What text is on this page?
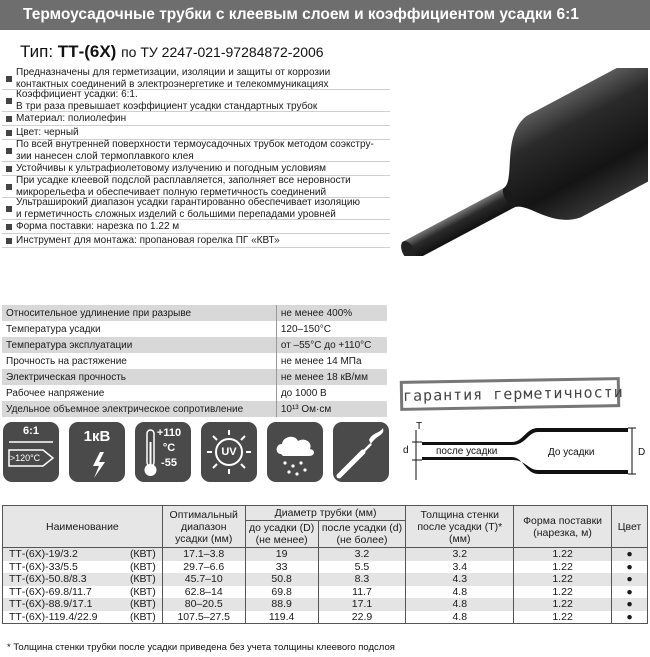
Термоусадочные трубки с клеевым слоем и коэффициентом усадки 6:1
Тип: ТТ-(6Х) по ТУ 2247-021-97284872-2006
Предназначены для герметизации, изоляции и защиты от коррозии
контактных соединений в электроэнергетике и телекоммуникациях
Коэффициент усадки: 6:1.
В три раза превышает коэффициент усадки стандартных трубок
Материал: полиолефин
Цвет: черный
По всей внутренней поверхности термоусадочных трубок методом соэкстру-
зии нанесен слой термоплавкого клея
Устойчивы к ультрафиолетовому излучению и погодным условиям
При усадке клеевой подслой расплавляется, заполняет все неровности
микрорельефа и обеспечивает полную герметичность соединений
Ультраширокий диапазон усадки гарантированно обеспечивает изоляцию
и герметичность сложных изделий с большими перепадами уровней
Форма поставки: нарезка по 1.22 м
Инструмент для монтажа: пропановая горелка ПГ «КВТ»
Относительное удлинение при разрыве	не менее 400%
Температура усадки	120–150°С
Температура эксплуатации	от –55°С до +110°С
Прочность на растяжение	не менее 14 МПа
Электрическая прочность	не менее 18 кВ/мм
Рабочее напряжение	до 1000 В
Удельное объемное электрическое сопротивление	10¹³ Ом·см
гарантия герметичности
6:1
>120°C
1кВ	+110
°С
-55
UV
T
d	после усадки	До усадки	D
Наименование	Оптимальный диапазон усадки (мм)	Диаметр трубки (мм)		Толщина стенки после усадки (T)* (мм)	Форма поставки (нарезка, м)	Цвет
		до усадки (D) (не менее)	после усадки (d) (не более)			
ТТ-(6Х)-19/3.2 (КВТ)	17.1–3.8	19	3.2	3.2	1.22	●
ТТ-(6Х)-33/5.5 (КВТ)	29.7–6.6	33	5.5	3.4	1.22	●
ТТ-(6Х)-50.8/8.3 (КВТ)	45.7–10	50.8	8.3	4.3	1.22	●
ТТ-(6Х)-69.8/11.7 (КВТ)	62.8–14	69.8	11.7	4.8	1.22	●
ТТ-(6Х)-88.9/17.1 (КВТ)	80–20.5	88.9	17.1	4.8	1.22	●
ТТ-(6Х)-119.4/22.9 (КВТ)	107.5–27.5	119.4	22.9	4.8	1.22	●
* Толщина стенки трубки после усадки приведена без учета толщины клеевого подслоя
